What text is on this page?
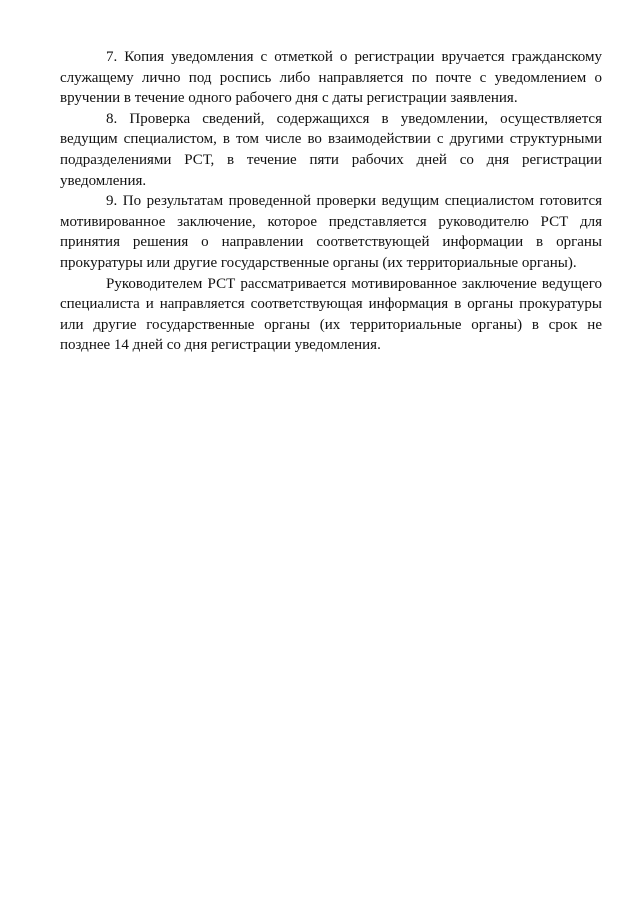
7. Копия уведомления с отметкой о регистрации вручается гражданскому служащему лично под роспись либо направляется по почте с уведомлением о вручении в течение одного рабочего дня с даты регистрации заявления.

8. Проверка сведений, содержащихся в уведомлении, осуществляется ведущим специалистом, в том числе во взаимодействии с другими структурными подразделениями РСТ, в течение пяти рабочих дней со дня регистрации уведомления.

9. По результатам проведенной проверки ведущим специалистом готовится мотивированное заключение, которое представляется руководителю РСТ для принятия решения о направлении соответствующей информации в органы прокуратуры или другие государственные органы (их территориальные органы).

Руководителем РСТ рассматривается мотивированное заключение ведущего специалиста и направляется соответствующая информация в органы прокуратуры или другие государственные органы (их территориальные органы) в срок не позднее 14 дней со дня регистрации уведомления.
